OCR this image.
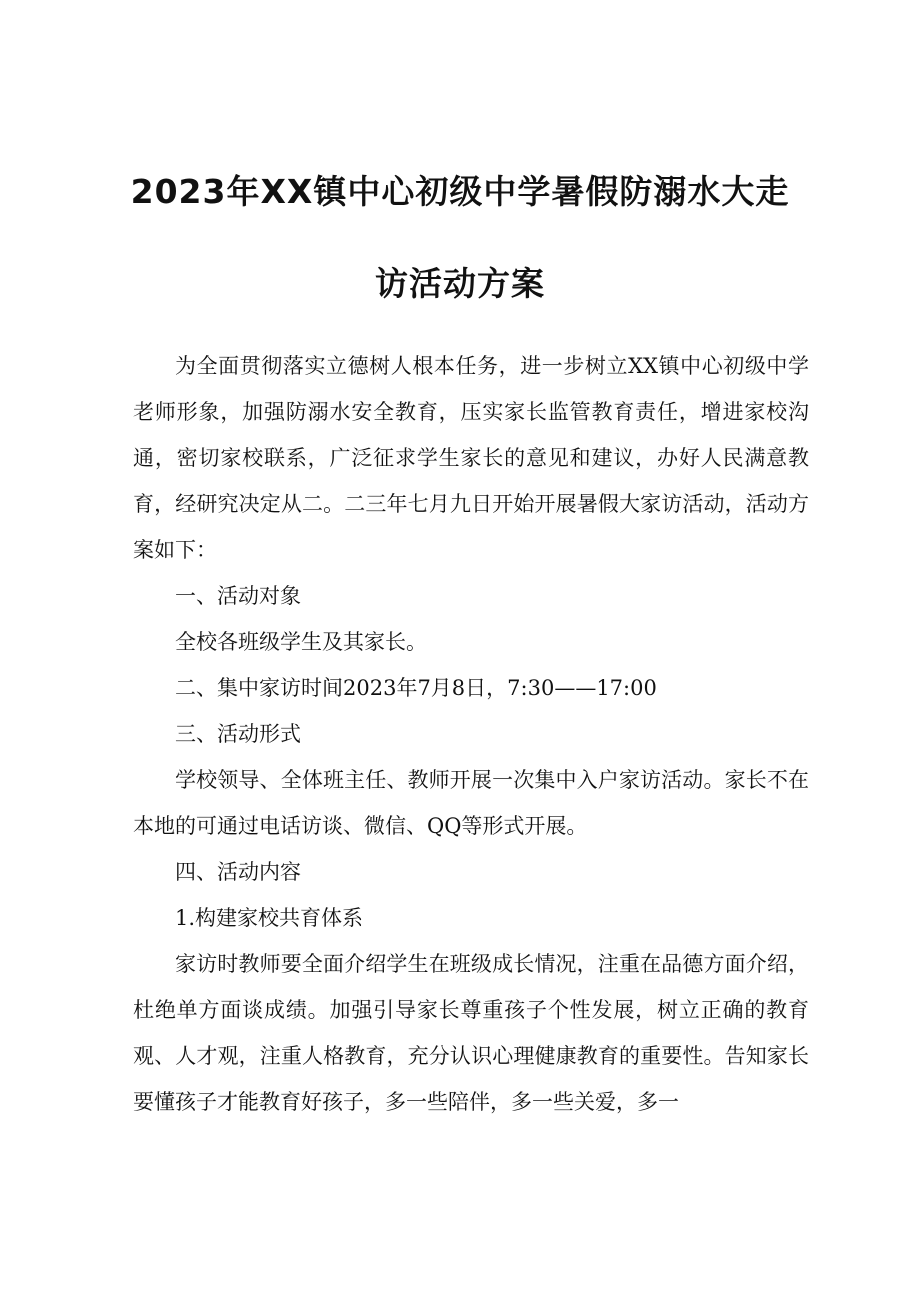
2023年XX镇中心初级中学暑假防溺水大走
访活动方案

为全面贯彻落实立德树人根本任务，进一步树立XX镇中心初级中学老师形象，加强防溺水安全教育，压实家长监管教育责任，增进家校沟通，密切家校联系，广泛征求学生家长的意见和建议，办好人民满意教育，经研究决定从二。二三年七月九日开始开展暑假大家访活动，活动方案如下：

一、活动对象

全校各班级学生及其家长。

二、集中家访时间2023年7月8日，7:30——17:00

三、活动形式

学校领导、全体班主任、教师开展一次集中入户家访活动。家长不在本地的可通过电话访谈、微信、QQ等形式开展。

四、活动内容

1.构建家校共育体系

家访时教师要全面介绍学生在班级成长情况，注重在品德方面介绍，杜绝单方面谈成绩。加强引导家长尊重孩子个性发展，树立正确的教育观、人才观，注重人格教育，充分认识心理健康教育的重要性。告知家长要懂孩子才能教育好孩子，多一些陪伴，多一些关爱，多一
